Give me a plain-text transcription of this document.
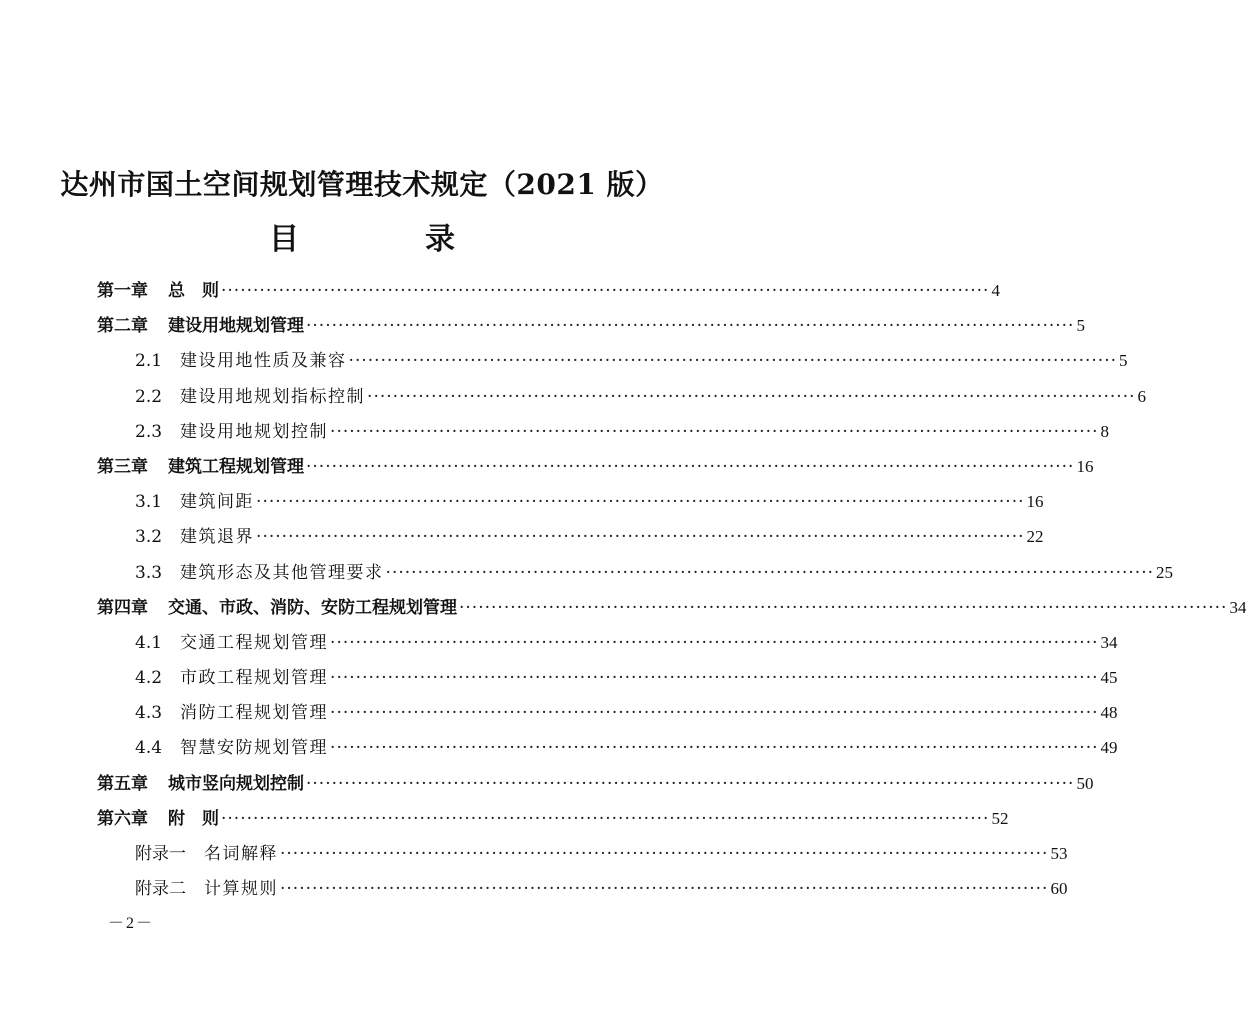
达州市国土空间规划管理技术规定（2021 版）
目　录
第一章 总　则 ························································································································ 4
第二章 建设用地规划管理 ························································································································ 5
2.1 建设用地性质及兼容 ························································································································ 5
2.2 建设用地规划指标控制 ························································································································ 6
2.3 建设用地规划控制 ························································································································ 8
第三章 建筑工程规划管理 ························································································································ 16
3.1 建筑间距 ························································································································ 16
3.2 建筑退界 ························································································································ 22
3.3 建筑形态及其他管理要求 ························································································································ 25
第四章 交通、市政、消防、安防工程规划管理 ························································································································ 34
4.1 交通工程规划管理 ························································································································ 34
4.2 市政工程规划管理 ························································································································ 45
4.3 消防工程规划管理 ························································································································ 48
4.4 智慧安防规划管理 ························································································································ 49
第五章 城市竖向规划控制 ························································································································ 50
第六章 附　则 ························································································································ 52
附录一 名词解释 ························································································································ 53
附录二 计算规则 ························································································································ 60
－2－
